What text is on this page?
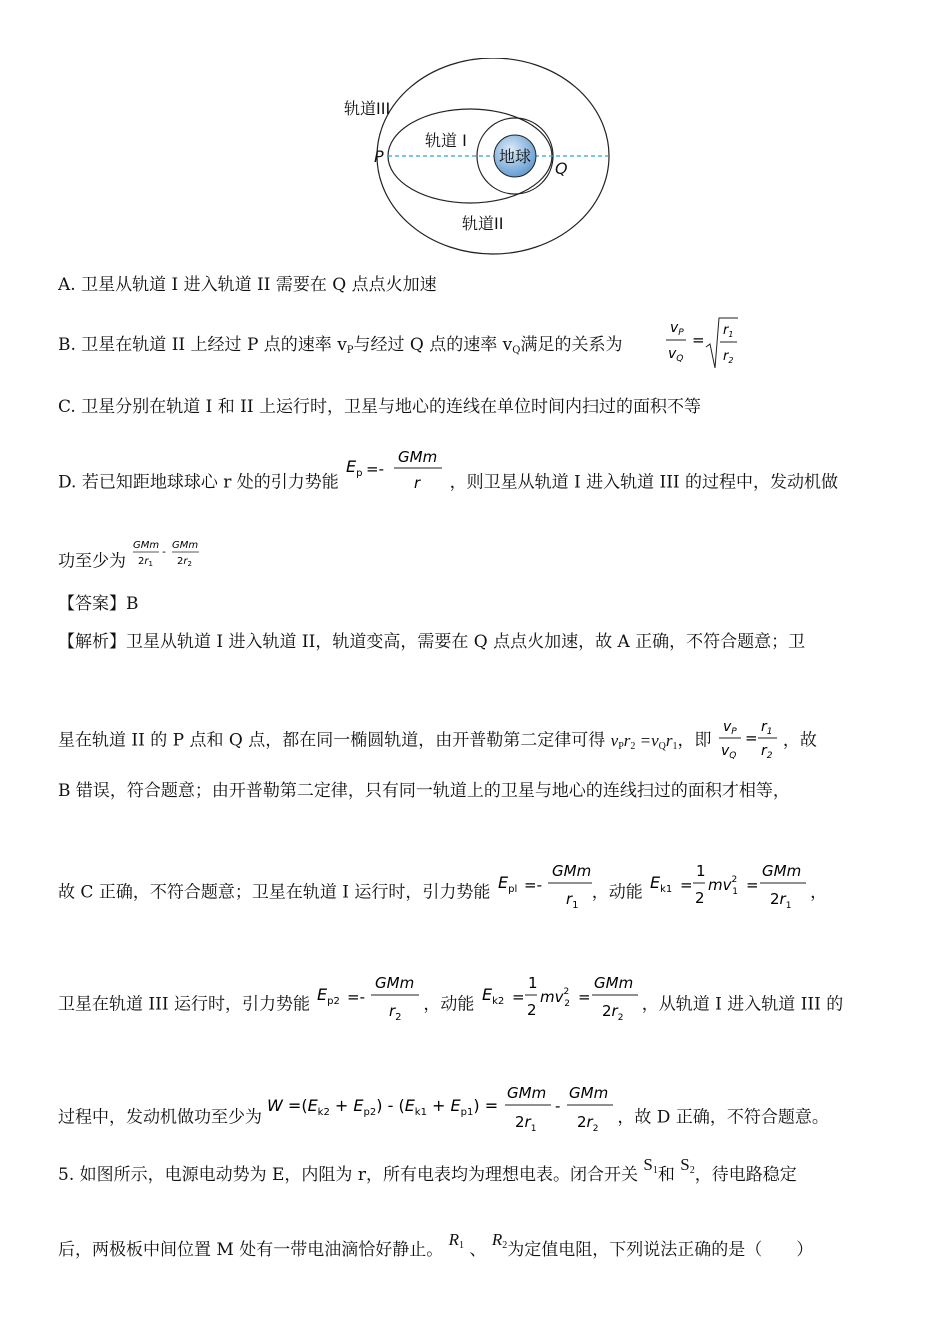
地球
轨道III
轨道 I
轨道II
P
Q
A. 卫星从轨道 I 进入轨道 II 需要在 Q 点点火加速
B. 卫星在轨道 II 上经过 P 点的速率 $v_P$与经过 Q 点的速率 $v_Q$满足的关系为
$v_P$
$v_Q$
=
$r_1$
$r_2$
C. 卫星分别在轨道 I 和 II 上运行时，卫星与地心的连线在单位时间内扫过的面积不等
D. 若已知距地球球心 r 处的引力势能
$E_p$ =-
GMm
r ，则卫星从轨道 I 进入轨道 III 的过程中，发动机做
功至少为
GMm
$2r_1$
- GMm
$2r_2$
【答案】B
【解析】卫星从轨道 I 进入轨道 II，轨道变高，需要在 Q 点点火加速，故 A 正确，不符合题意；卫
星在轨道 II 的 P 点和 Q 点，都在同一椭圆轨道，由开普勒第二定律可得 $v_Pr_2 =v_Qr_1$，即
$v_P$
$v_Q$
=
$r_1$
$r_2$
，故
B 错误，符合题意；由开普勒第二定律，只有同一轨道上的卫星与地心的连线扫过的面积才相等，
故 C 正确，不符合题意；卫星在轨道 I 运行时，引力势能 $E_{pl}$ =-
GMm
$r_1$
，动能 $E_{k1}$ =
1
2
$mv^2$ 1 =
GMm
$2r_1$
，
卫星在轨道 III 运行时，引力势能 $E_{p2}$ =-
GMm
$r_2$
，动能 $E_{k2}$ =
1
2
$mv^2$ 2 =
GMm
$2r_2$
，从轨道 I 进入轨道 III 的
过程中，发动机做功至少为
$W =(E_{k2} + E_{p2}) - (E_{k1} + E_{p1})$ =
GMm
$2r_1$
-
GMm
$2r_2$
，故 D 正确，不符合题意。
5. 如图所示，电源电动势为 E，内阻为 r，所有电表均为理想电表。闭合开关 $S_1$和 $S_2$，待电路稳定
后，两极板中间位置 M 处有一带电油滴恰好静止。 $R_1$ 、 $R_2$为定值电阻，下列说法正确的是（　　）
